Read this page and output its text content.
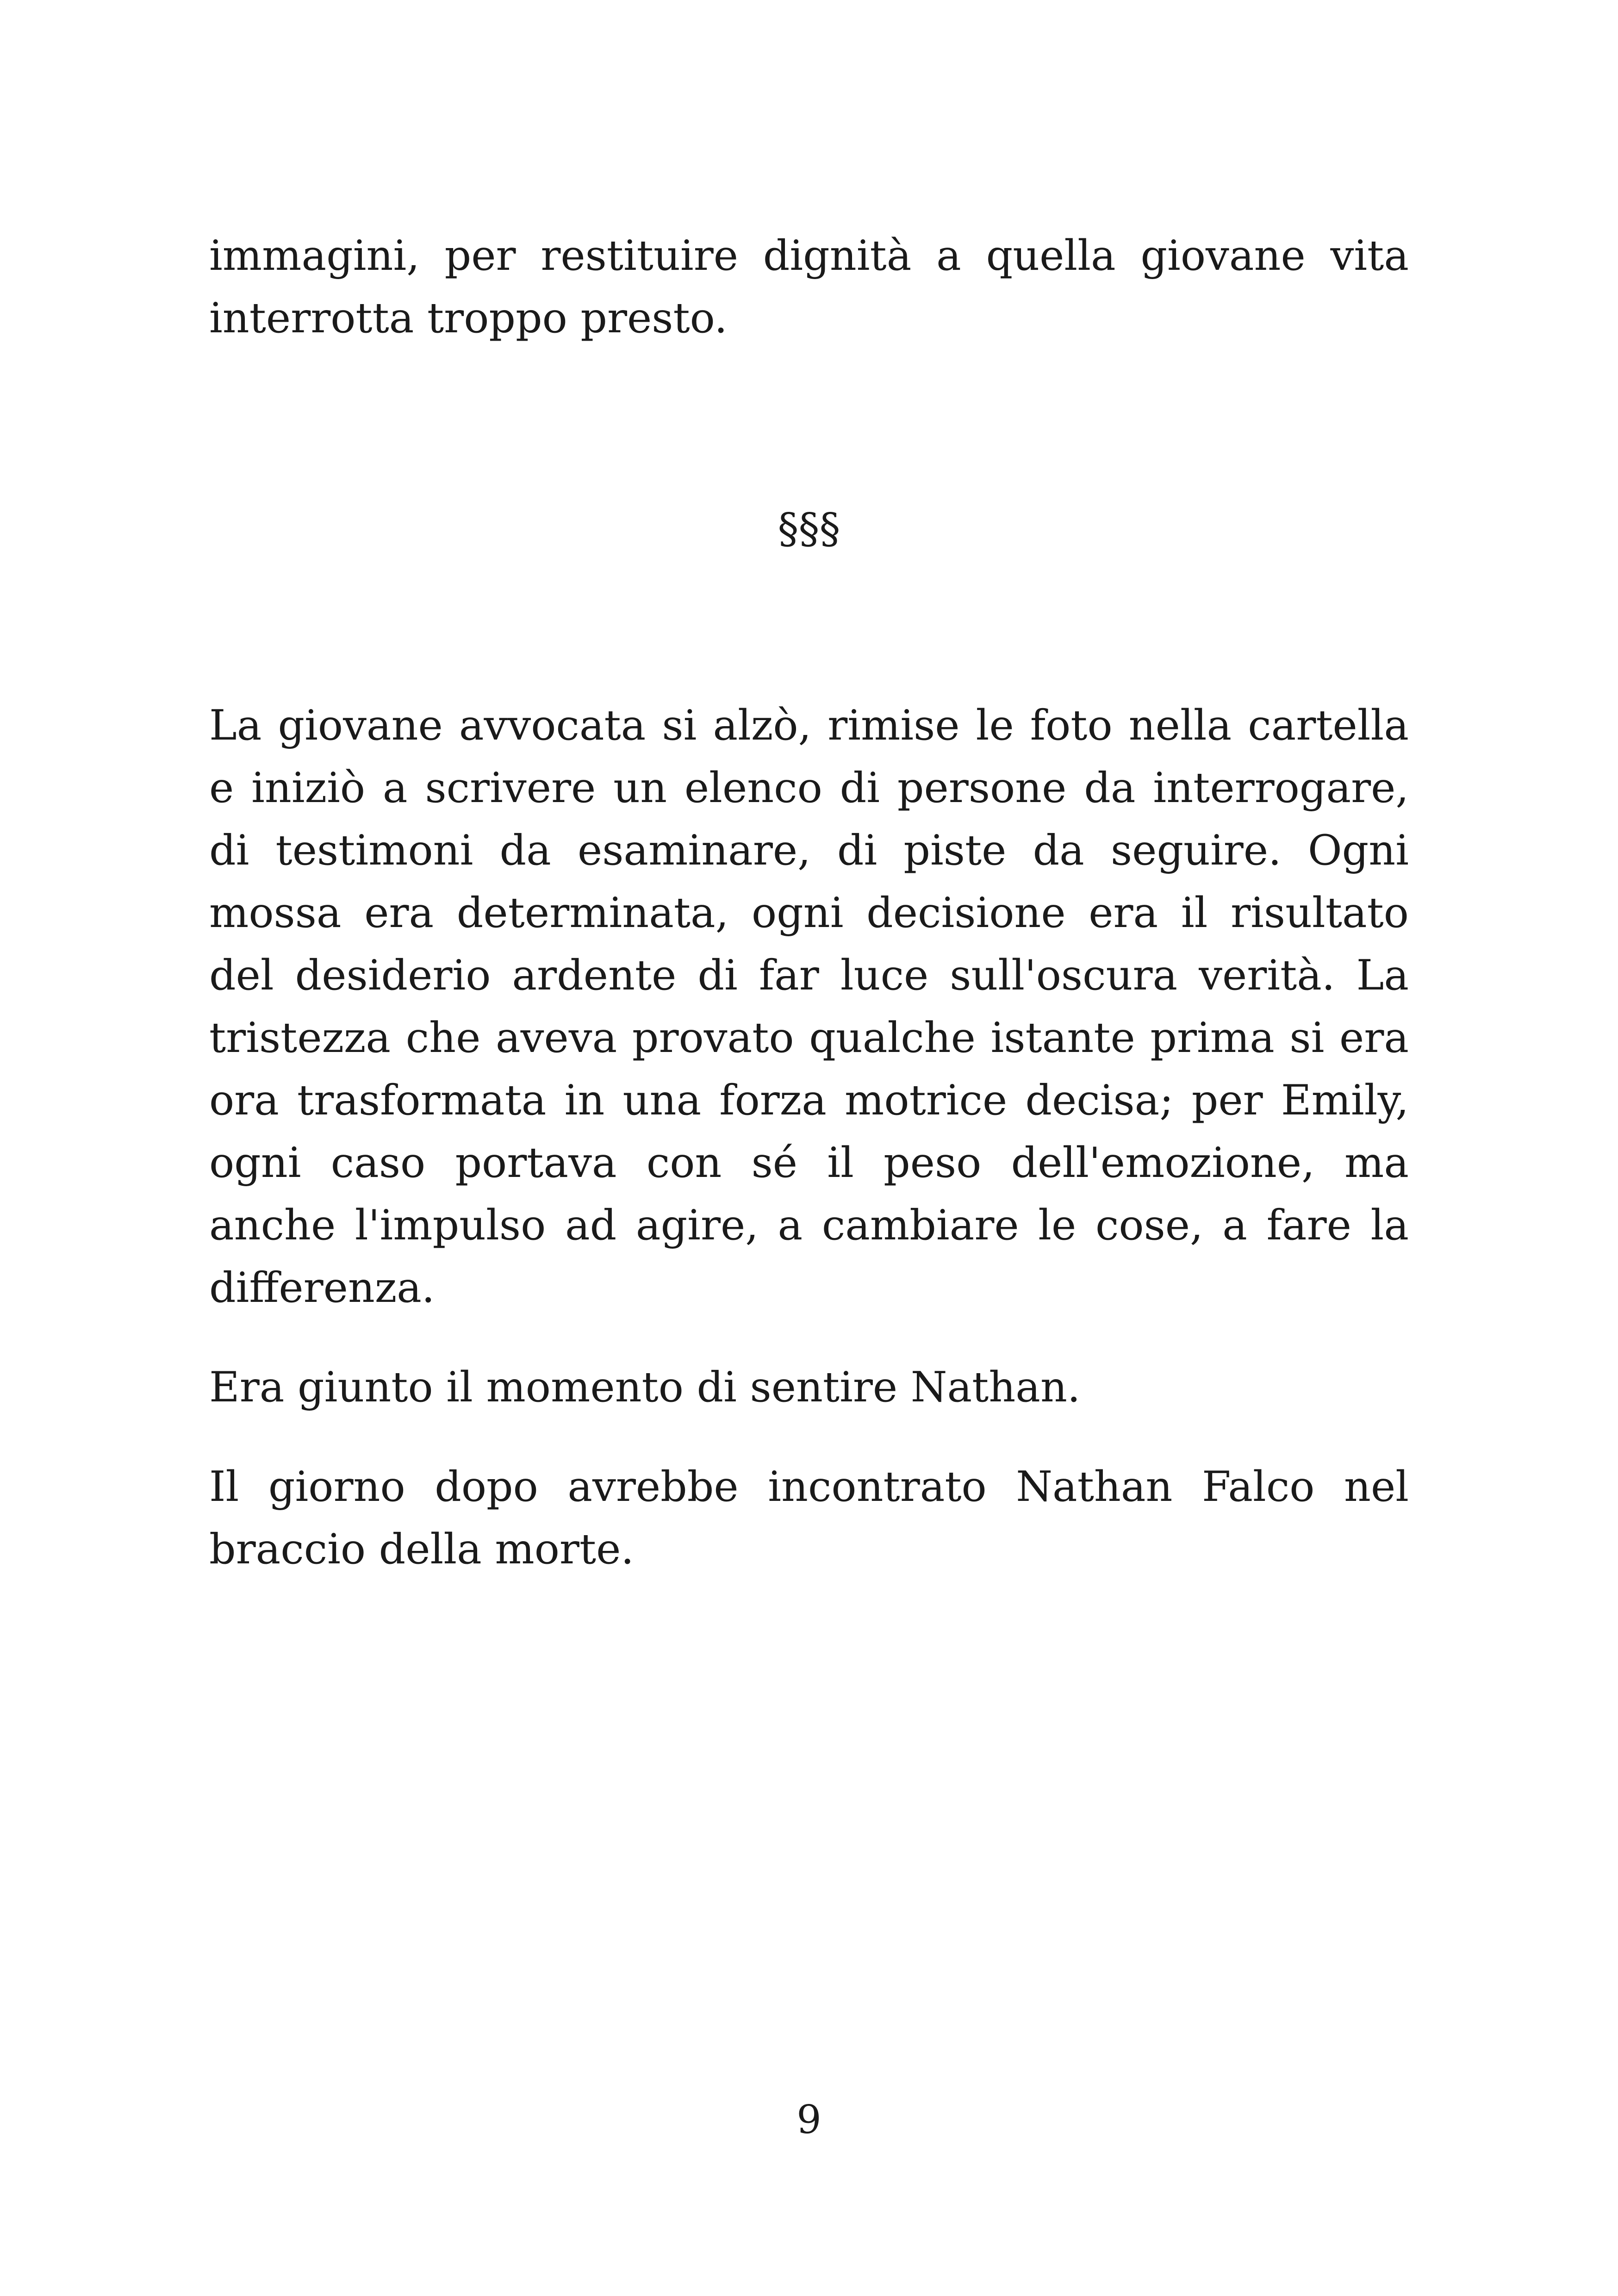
immagini, per restituire dignità a quella giovane vita interrotta troppo presto.

§§§

La giovane avvocata si alzò, rimise le foto nella cartella e iniziò a scrivere un elenco di persone da interrogare, di testimoni da esaminare, di piste da seguire. Ogni mossa era determinata, ogni decisione era il risultato del desiderio ardente di far luce sull'oscura verità. La tristezza che aveva provato qualche istante prima si era ora trasformata in una forza motrice decisa; per Emily, ogni caso portava con sé il peso dell'emozione, ma anche l'impulso ad agire, a cambiare le cose, a fare la differenza.

Era giunto il momento di sentire Nathan.

Il giorno dopo avrebbe incontrato Nathan Falco nel braccio della morte.

9
